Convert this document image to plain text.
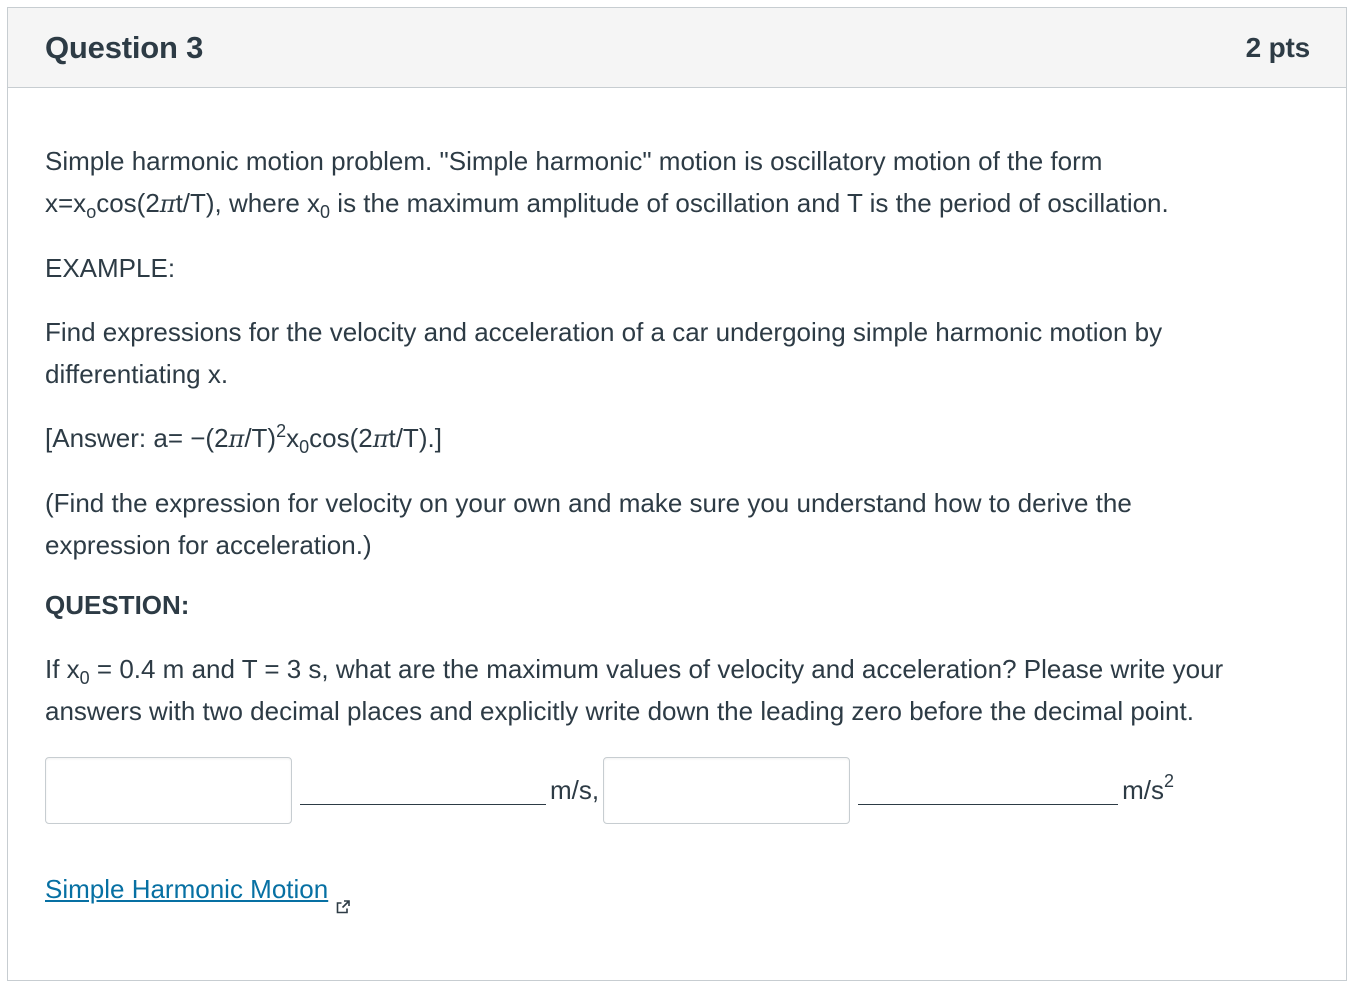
Question 3	2 pts

Simple harmonic motion problem. "Simple harmonic" motion is oscillatory motion of the form
$x=x_o\cos(2\pi t/T)$, where $x_0$ is the maximum amplitude of oscillation and T is the period of oscillation.

EXAMPLE:

Find expressions for the velocity and acceleration of a car undergoing simple harmonic motion by differentiating x.

[Answer: $a= -(2\pi/T)^2x_0\cos(2\pi t/T)$.]

(Find the expression for velocity on your own and make sure you understand how to derive the expression for acceleration.)

QUESTION:

If $x_0 = 0.4$ m and T = 3 s, what are the maximum values of velocity and acceleration? Please write your answers with two decimal places and explicitly write down the leading zero before the decimal point.

m/s,	$m/s^2$
Simple Harmonic Motion
